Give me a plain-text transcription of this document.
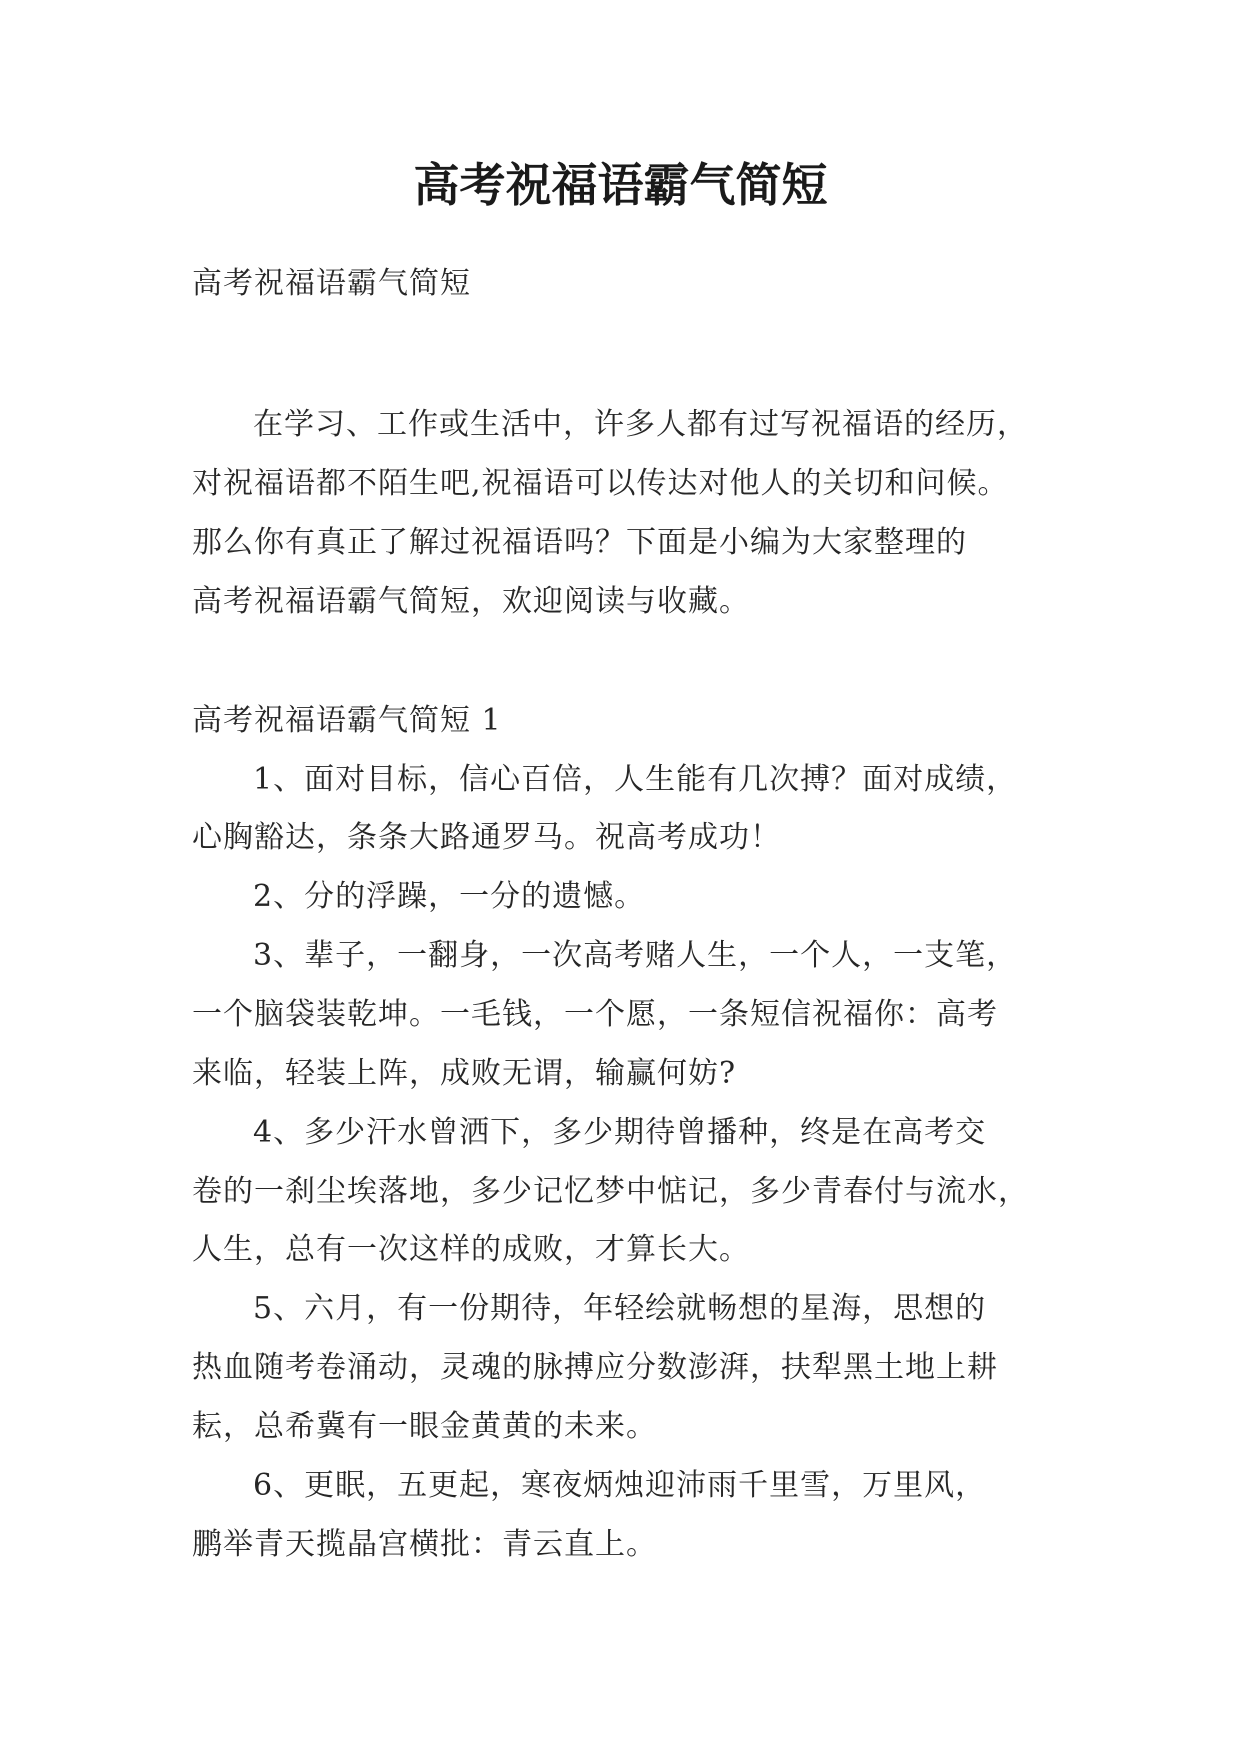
高考祝福语霸气简短

高考祝福语霸气简短

在学习、工作或生活中，许多人都有过写祝福语的经历，

对祝福语都不陌生吧,祝福语可以传达对他人的关切和问候。

那么你有真正了解过祝福语吗？下面是小编为大家整理的

高考祝福语霸气简短，欢迎阅读与收藏。

高考祝福语霸气简短 1

1、面对目标，信心百倍，人生能有几次搏？面对成绩，

心胸豁达，条条大路通罗马。祝高考成功！

2、分的浮躁，一分的遗憾。

3、辈子，一翻身，一次高考赌人生，一个人，一支笔，

一个脑袋装乾坤。一毛钱，一个愿，一条短信祝福你：高考

来临，轻装上阵，成败无谓，输赢何妨?

4、多少汗水曾洒下，多少期待曾播种，终是在高考交

卷的一刹尘埃落地，多少记忆梦中惦记，多少青春付与流水，

人生，总有一次这样的成败，才算长大。

5、六月，有一份期待，年轻绘就畅想的星海，思想的

热血随考卷涌动，灵魂的脉搏应分数澎湃，扶犁黑土地上耕

耘，总希冀有一眼金黄黄的未来。

6、更眠，五更起，寒夜炳烛迎沛雨千里雪，万里风，

鹏举青天揽晶宫横批：青云直上。
